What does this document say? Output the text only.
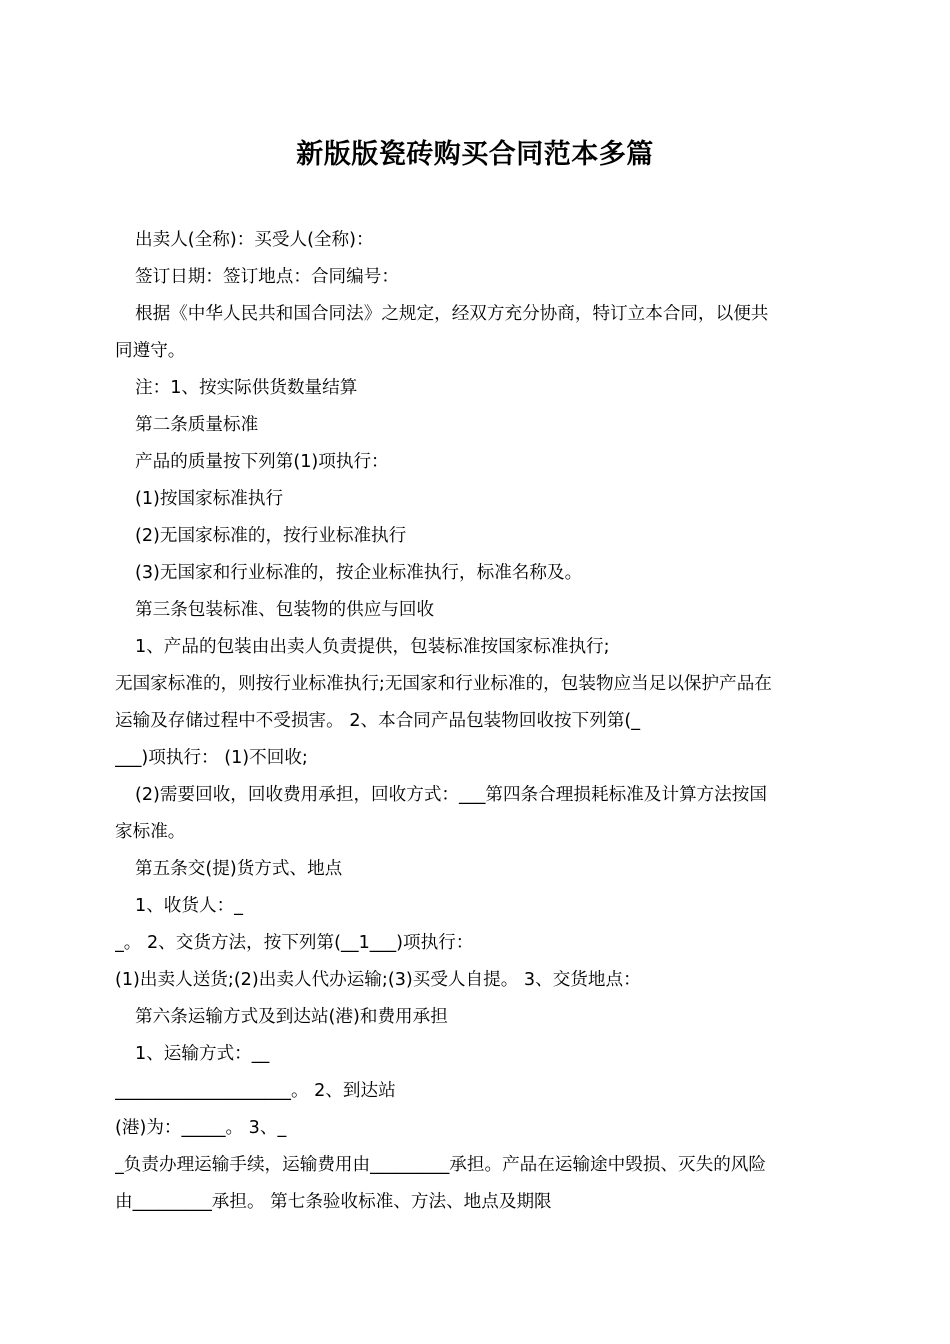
新版版瓷砖购买合同范本多篇
出卖人(全称)：买受人(全称)：
签订日期：签订地点：合同编号：
根据《中华人民共和国合同法》之规定，经双方充分协商，特订立本合同，以便共
同遵守。
注：1、按实际供货数量结算
第二条质量标准
产品的质量按下列第(1)项执行：
(1)按国家标准执行
(2)无国家标准的，按行业标准执行
(3)无国家和行业标准的，按企业标准执行，标准名称及。
第三条包装标准、包装物的供应与回收
1、产品的包装由出卖人负责提供，包装标准按国家标准执行;
无国家标准的，则按行业标准执行;无国家和行业标准的，包装物应当足以保护产品在
运输及存储过程中不受损害。 2、本合同产品包装物回收按下列第(_
___)项执行： (1)不回收;
(2)需要回收，回收费用承担，回收方式：___第四条合理损耗标准及计算方法按国
家标准。
第五条交(提)货方式、地点
1、收货人：_
_。 2、交货方法，按下列第(__1___)项执行：
(1)出卖人送货;(2)出卖人代办运输;(3)买受人自提。 3、交货地点：
第六条运输方式及到达站(港)和费用承担
1、运输方式：__
____________________。 2、到达站
(港)为：_____。 3、_
_负责办理运输手续，运输费用由_________承担。产品在运输途中毁损、灭失的风险
由_________承担。 第七条验收标准、方法、地点及期限
